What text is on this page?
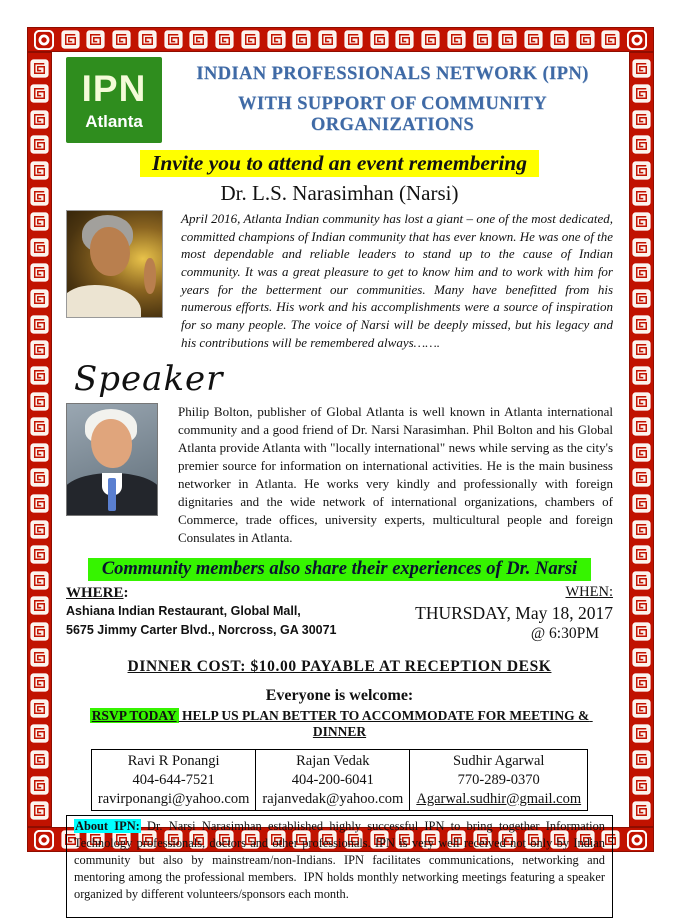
IPN
Atlanta
INDIAN PROFESSIONALS NETWORK (IPN)
WITH SUPPORT OF COMMUNITY ORGANIZATIONS
Invite you to attend an event remembering
Dr. L.S. Narasimhan (Narsi)

April 2016, Atlanta Indian community has lost a giant – one of the most dedicated, committed champions of Indian community that has ever known. He was one of the most dependable and reliable leaders to stand up to the cause of Indian community. It was a great pleasure to get to know him and to work with him for years for the betterment our communities. Many have benefitted from his numerous efforts. His work and his accomplishments were a source of inspiration for so many people. The voice of Narsi will be deeply missed, but his legacy and his contributions will be remembered always…….

Speaker

Philip Bolton, publisher of Global Atlanta is well known in Atlanta international community and a good friend of Dr. Narsi Narasimhan. Phil Bolton and his Global Atlanta provide Atlanta with "locally international" news while serving as the city's premier source for information on international activities. He is the main business networker in Atlanta. He works very kindly and professionally with foreign dignitaries and the wide network of international organizations, chambers of Commerce, trade offices, university experts, multicultural people and foreign Consulates in Atlanta.

Community members also share their experiences of Dr. Narsi
WHERE:
Ashiana Indian Restaurant, Global Mall,
5675 Jimmy Carter Blvd., Norcross, GA 30071
WHEN:
THURSDAY, May 18, 2017
@ 6:30PM
DINNER COST: $10.00 PAYABLE AT RECEPTION DESK
Everyone is welcome:
RSVP TODAY HELP US PLAN BETTER TO ACCOMMODATE FOR MEETING & DINNER
Ravi R Ponangi
404-644-7521
ravirponangi@yahoo.com

Rajan Vedak
404-200-6041
rajanvedak@yahoo.com

Sudhir Agarwal
770-289-0370
Agarwal.sudhir@gmail.com
About IPN: Dr. Narsi Narasimhan established highly successful IPN to bring together Information Technology professionals, doctors and other professionals. IPN is very well received not only by Indian community but also by mainstream/non-Indians. IPN facilitates communications, networking and mentoring among the professional members.  IPN holds monthly networking meetings featuring a speaker organized by different volunteers/sponsors each month.
